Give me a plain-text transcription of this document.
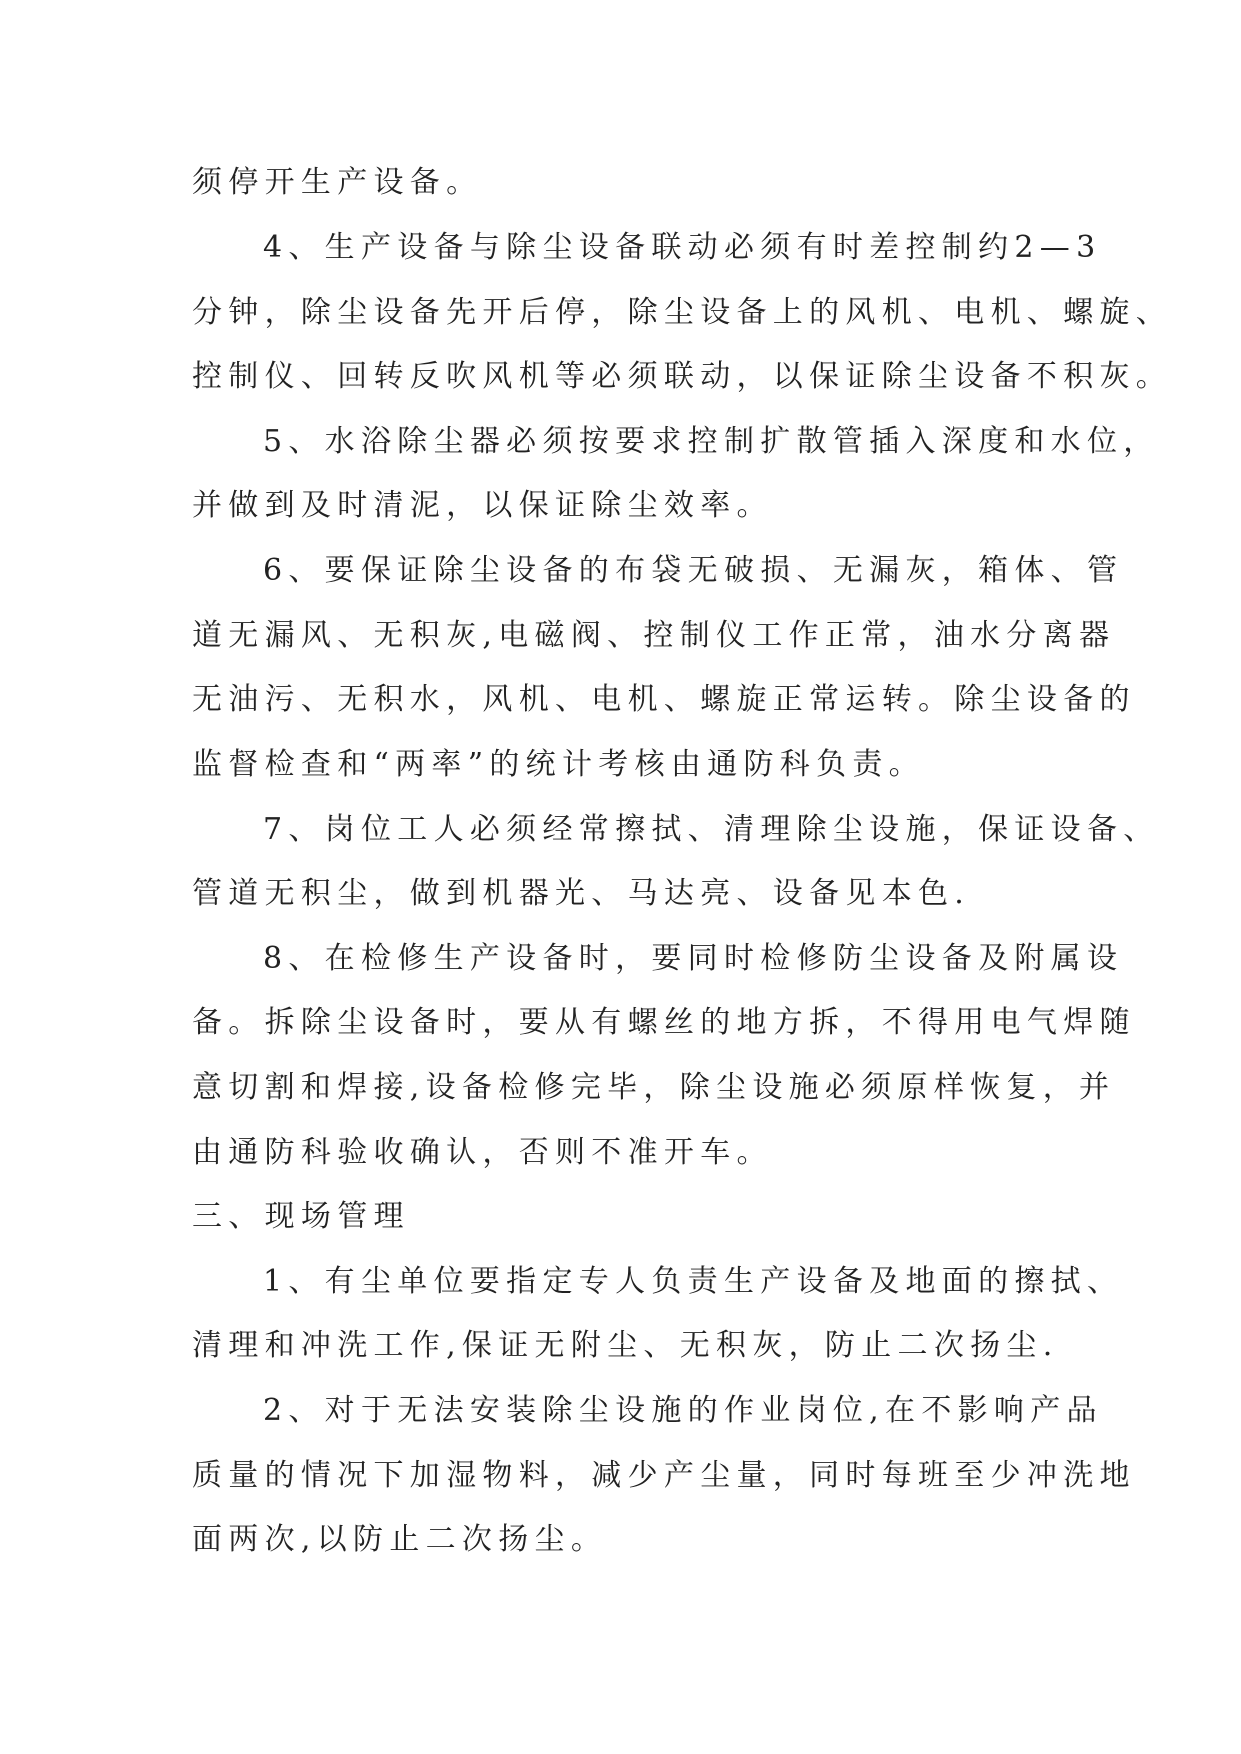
须停开生产设备。
4、生产设备与除尘设备联动必须有时差控制约2—3
分钟，除尘设备先开后停，除尘设备上的风机、电机、螺旋、
控制仪、回转反吹风机等必须联动，以保证除尘设备不积灰。
5、水浴除尘器必须按要求控制扩散管插入深度和水位，
并做到及时清泥，以保证除尘效率。
6、要保证除尘设备的布袋无破损、无漏灰，箱体、管
道无漏风、无积灰,电磁阀、控制仪工作正常，油水分离器
无油污、无积水，风机、电机、螺旋正常运转。除尘设备的
监督检查和“两率”的统计考核由通防科负责。
7、岗位工人必须经常擦拭、清理除尘设施，保证设备、
管道无积尘，做到机器光、马达亮、设备见本色.
8、在检修生产设备时，要同时检修防尘设备及附属设
备。拆除尘设备时，要从有螺丝的地方拆，不得用电气焊随
意切割和焊接,设备检修完毕，除尘设施必须原样恢复，并
由通防科验收确认，否则不准开车。
三、现场管理
1、有尘单位要指定专人负责生产设备及地面的擦拭、
清理和冲洗工作,保证无附尘、无积灰，防止二次扬尘.
2、对于无法安装除尘设施的作业岗位,在不影响产品
质量的情况下加湿物料，减少产尘量，同时每班至少冲洗地
面两次,以防止二次扬尘。
